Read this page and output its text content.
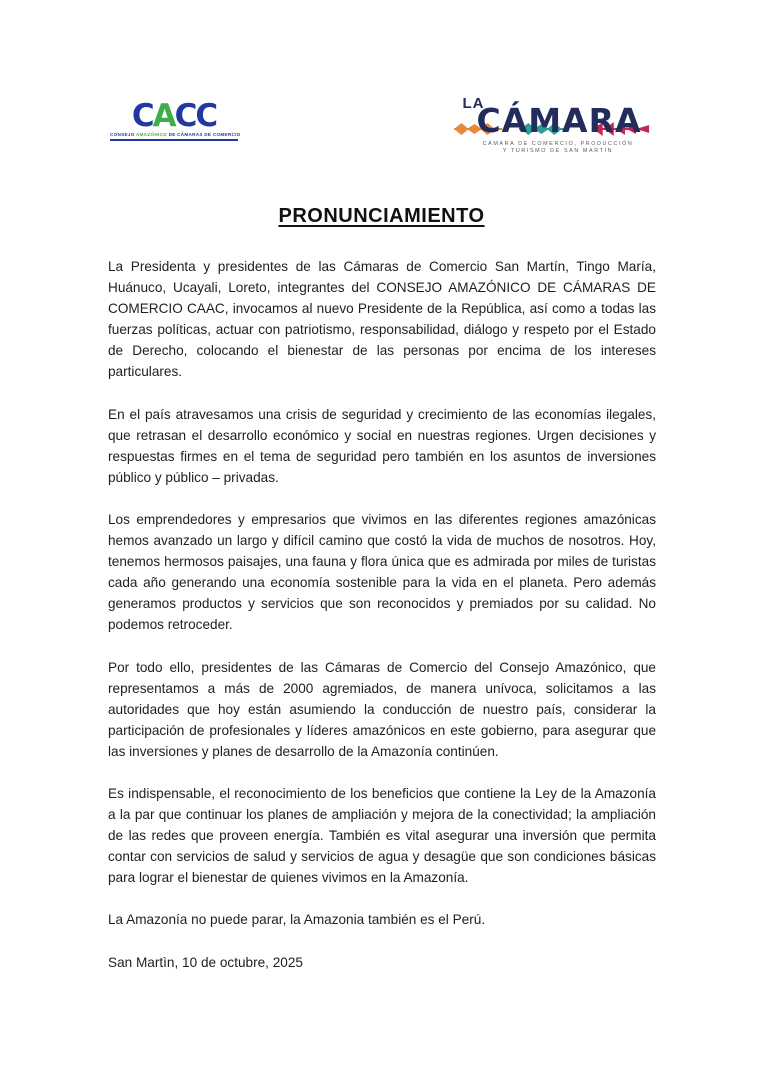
CACC
CONSEJO AMAZÓNICO DE CÁMARAS DE COMERCIO
LA
CÁMARA
CÁMARA DE COMERCIO, PRODUCCIÓN
Y TURISMO DE SAN MARTÍN
PRONUNCIAMIENTO

La Presidenta y presidentes de las Cámaras de Comercio San Martín, Tingo María, Huánuco, Ucayali, Loreto, integrantes del CONSEJO AMAZÓNICO DE CÁMARAS DE COMERCIO CAAC, invocamos al nuevo Presidente de la República, así como a todas las fuerzas políticas, actuar con patriotismo, responsabilidad, diálogo y respeto por el Estado de Derecho, colocando el bienestar de las personas por encima de los intereses particulares.

En el país atravesamos una crisis de seguridad y crecimiento de las economías ilegales, que retrasan el desarrollo económico y social en nuestras regiones. Urgen decisiones y respuestas firmes en el tema de seguridad pero también en los asuntos de inversiones público y público – privadas.

Los emprendedores y empresarios que vivimos en las diferentes regiones amazónicas hemos avanzado un largo y difícil camino que costó la vida de muchos de nosotros. Hoy, tenemos hermosos paisajes, una fauna y flora única que es admirada por miles de turistas cada año generando una economía sostenible para la vida en el planeta. Pero además generamos productos y servicios que son reconocidos y premiados por su calidad. No podemos retroceder.

Por todo ello, presidentes de las Cámaras de Comercio del Consejo Amazónico, que representamos a más de 2000 agremiados, de manera unívoca, solicitamos a las autoridades que hoy están asumiendo la conducción de nuestro país, considerar la participación de profesionales y líderes amazónicos en este gobierno, para asegurar que las inversiones y planes de desarrollo de la Amazonía continúen.

Es indispensable, el reconocimiento de los beneficios que contiene la Ley de la Amazonía a la par que continuar los planes de ampliación y mejora de la conectividad; la ampliación de las redes que proveen energía. También es vital asegurar una inversión que permita contar con servicios de salud y servicios de agua y desagüe que son condiciones básicas para lograr el bienestar de quienes vivimos en la Amazonía.

La Amazonía no puede parar, la Amazonia también es el Perú.

San Martìn, 10 de octubre, 2025
